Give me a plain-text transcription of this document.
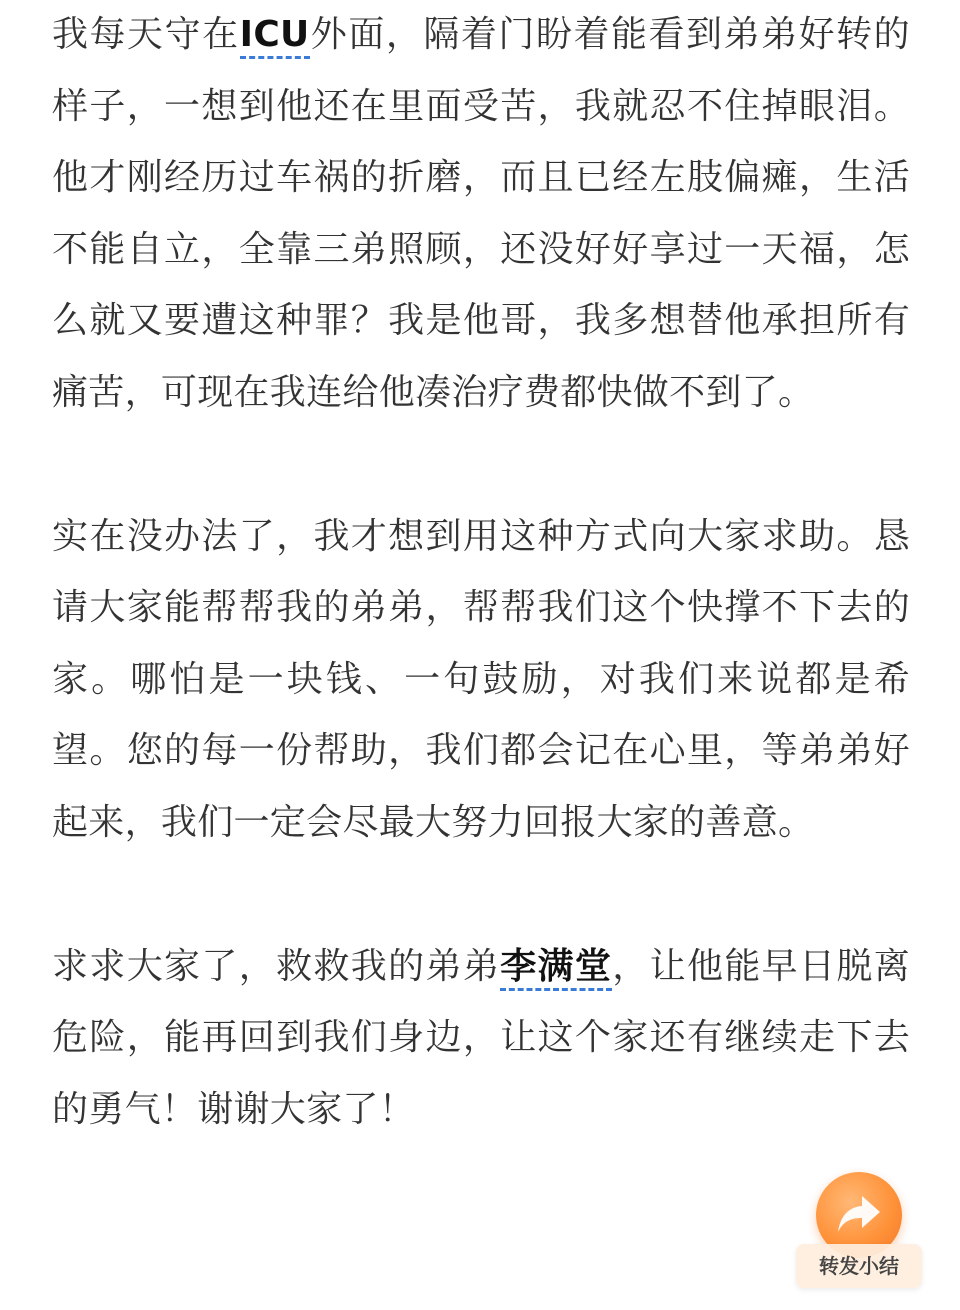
我每天守在ICU外面，隔着门盼着能看到弟弟好转的样子，一想到他还在里面受苦，我就忍不住掉眼泪。他才刚经历过车祸的折磨，而且已经左肢偏瘫，生活不能自立，全靠三弟照顾，还没好好享过一天福，怎么就又要遭这种罪？我是他哥，我多想替他承担所有痛苦，可现在我连给他凑治疗费都快做不到了。

实在没办法了，我才想到用这种方式向大家求助。恳请大家能帮帮我的弟弟，帮帮我们这个快撑不下去的家。哪怕是一块钱、一句鼓励，对我们来说都是希望。您的每一份帮助，我们都会记在心里，等弟弟好起来，我们一定会尽最大努力回报大家的善意。

求求大家了，救救我的弟弟李满堂，让他能早日脱离危险，能再回到我们身边，让这个家还有继续走下去的勇气！谢谢大家了！

转发小结
